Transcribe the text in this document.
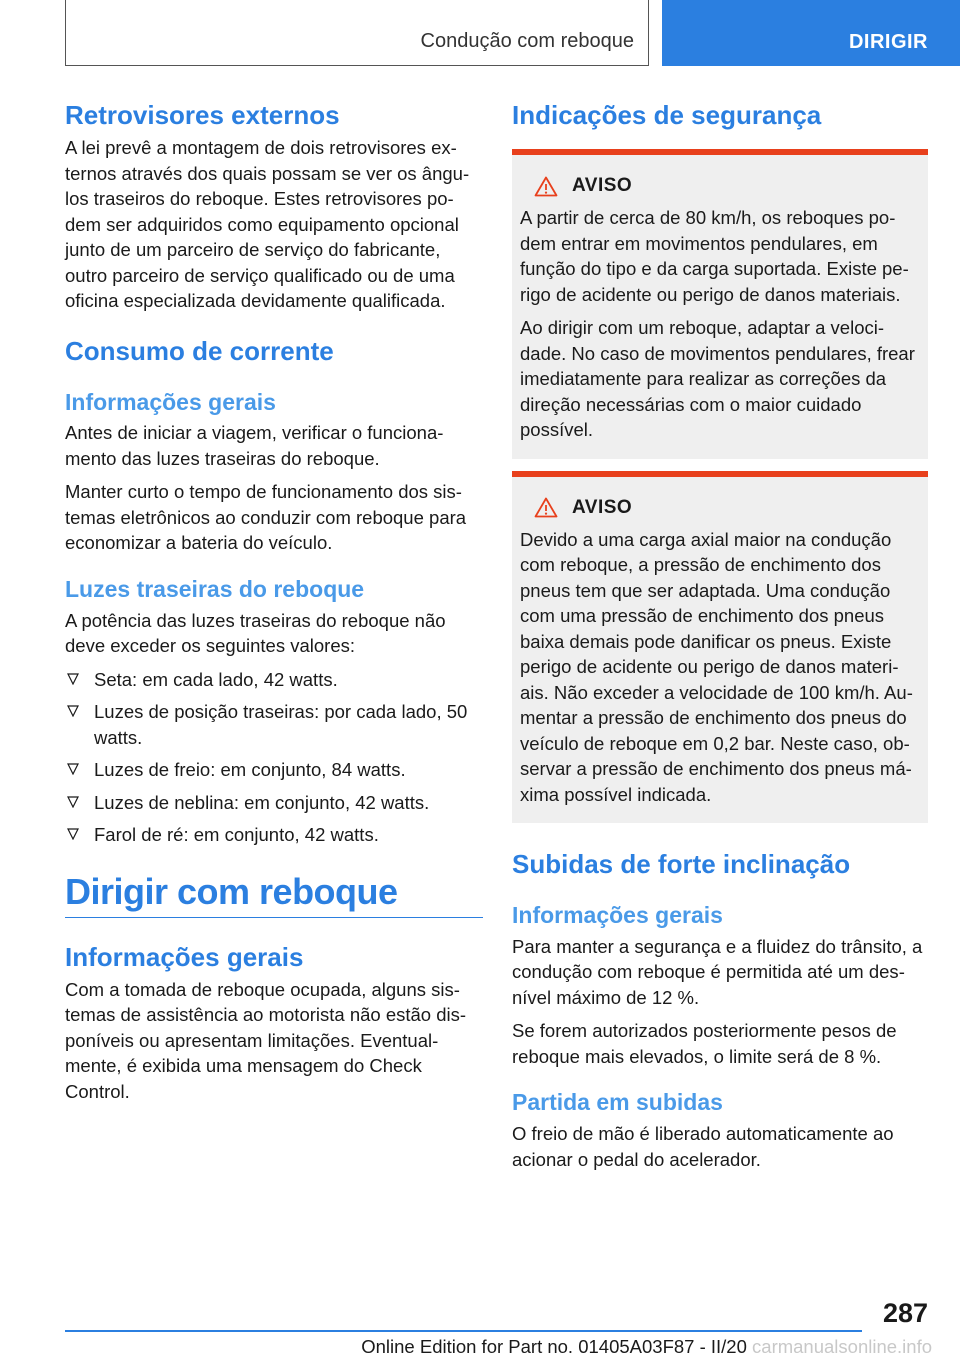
Condução com reboque	DIRIGIR
Retrovisores externos

A lei prevê a montagem de dois retrovisores externos através dos quais possam se ver os ângulos traseiros do reboque. Estes retrovisores podem ser adquiridos como equipamento opcional junto de um parceiro de serviço do fabricante, outro parceiro de serviço qualificado ou de uma oficina especializada devidamente qualificada.

Consumo de corrente
Informações gerais

Antes de iniciar a viagem, verificar o funcionamento das luzes traseiras do reboque.

Manter curto o tempo de funcionamento dos sistemas eletrônicos ao conduzir com reboque para economizar a bateria do veículo.

Luzes traseiras do reboque

A potência das luzes traseiras do reboque não deve exceder os seguintes valores:

Seta: em cada lado, 42 watts.
Luzes de posição traseiras: por cada lado, 50 watts.
Luzes de freio: em conjunto, 84 watts.
Luzes de neblina: em conjunto, 42 watts.
Farol de ré: em conjunto, 42 watts.
Dirigir com reboque
Informações gerais

Com a tomada de reboque ocupada, alguns sistemas de assistência ao motorista não estão disponíveis ou apresentam limitações. Eventualmente, é exibida uma mensagem do Check Control.

Indicações de segurança
AVISO

A partir de cerca de 80 km/h, os reboques podem entrar em movimentos pendulares, em função do tipo e da carga suportada. Existe perigo de acidente ou perigo de danos materiais.

Ao dirigir com um reboque, adaptar a velocidade. No caso de movimentos pendulares, frear imediatamente para realizar as correções da direção necessárias com o maior cuidado possível.

AVISO

Devido a uma carga axial maior na condução com reboque, a pressão de enchimento dos pneus tem que ser adaptada. Uma condução com uma pressão de enchimento dos pneus baixa demais pode danificar os pneus. Existe perigo de acidente ou perigo de danos materiais. Não exceder a velocidade de 100 km/h. Aumentar a pressão de enchimento dos pneus do veículo de reboque em 0,2 bar. Neste caso, observar a pressão de enchimento dos pneus máxima possível indicada.

Subidas de forte inclinação
Informações gerais

Para manter a segurança e a fluidez do trânsito, a condução com reboque é permitida até um desnível máximo de 12 %.

Se forem autorizados posteriormente pesos de reboque mais elevados, o limite será de 8 %.

Partida em subidas

O freio de mão é liberado automaticamente ao acionar o pedal do acelerador.

287
Online Edition for Part no. 01405A03F87 - II/20 carmanualsonline.info
